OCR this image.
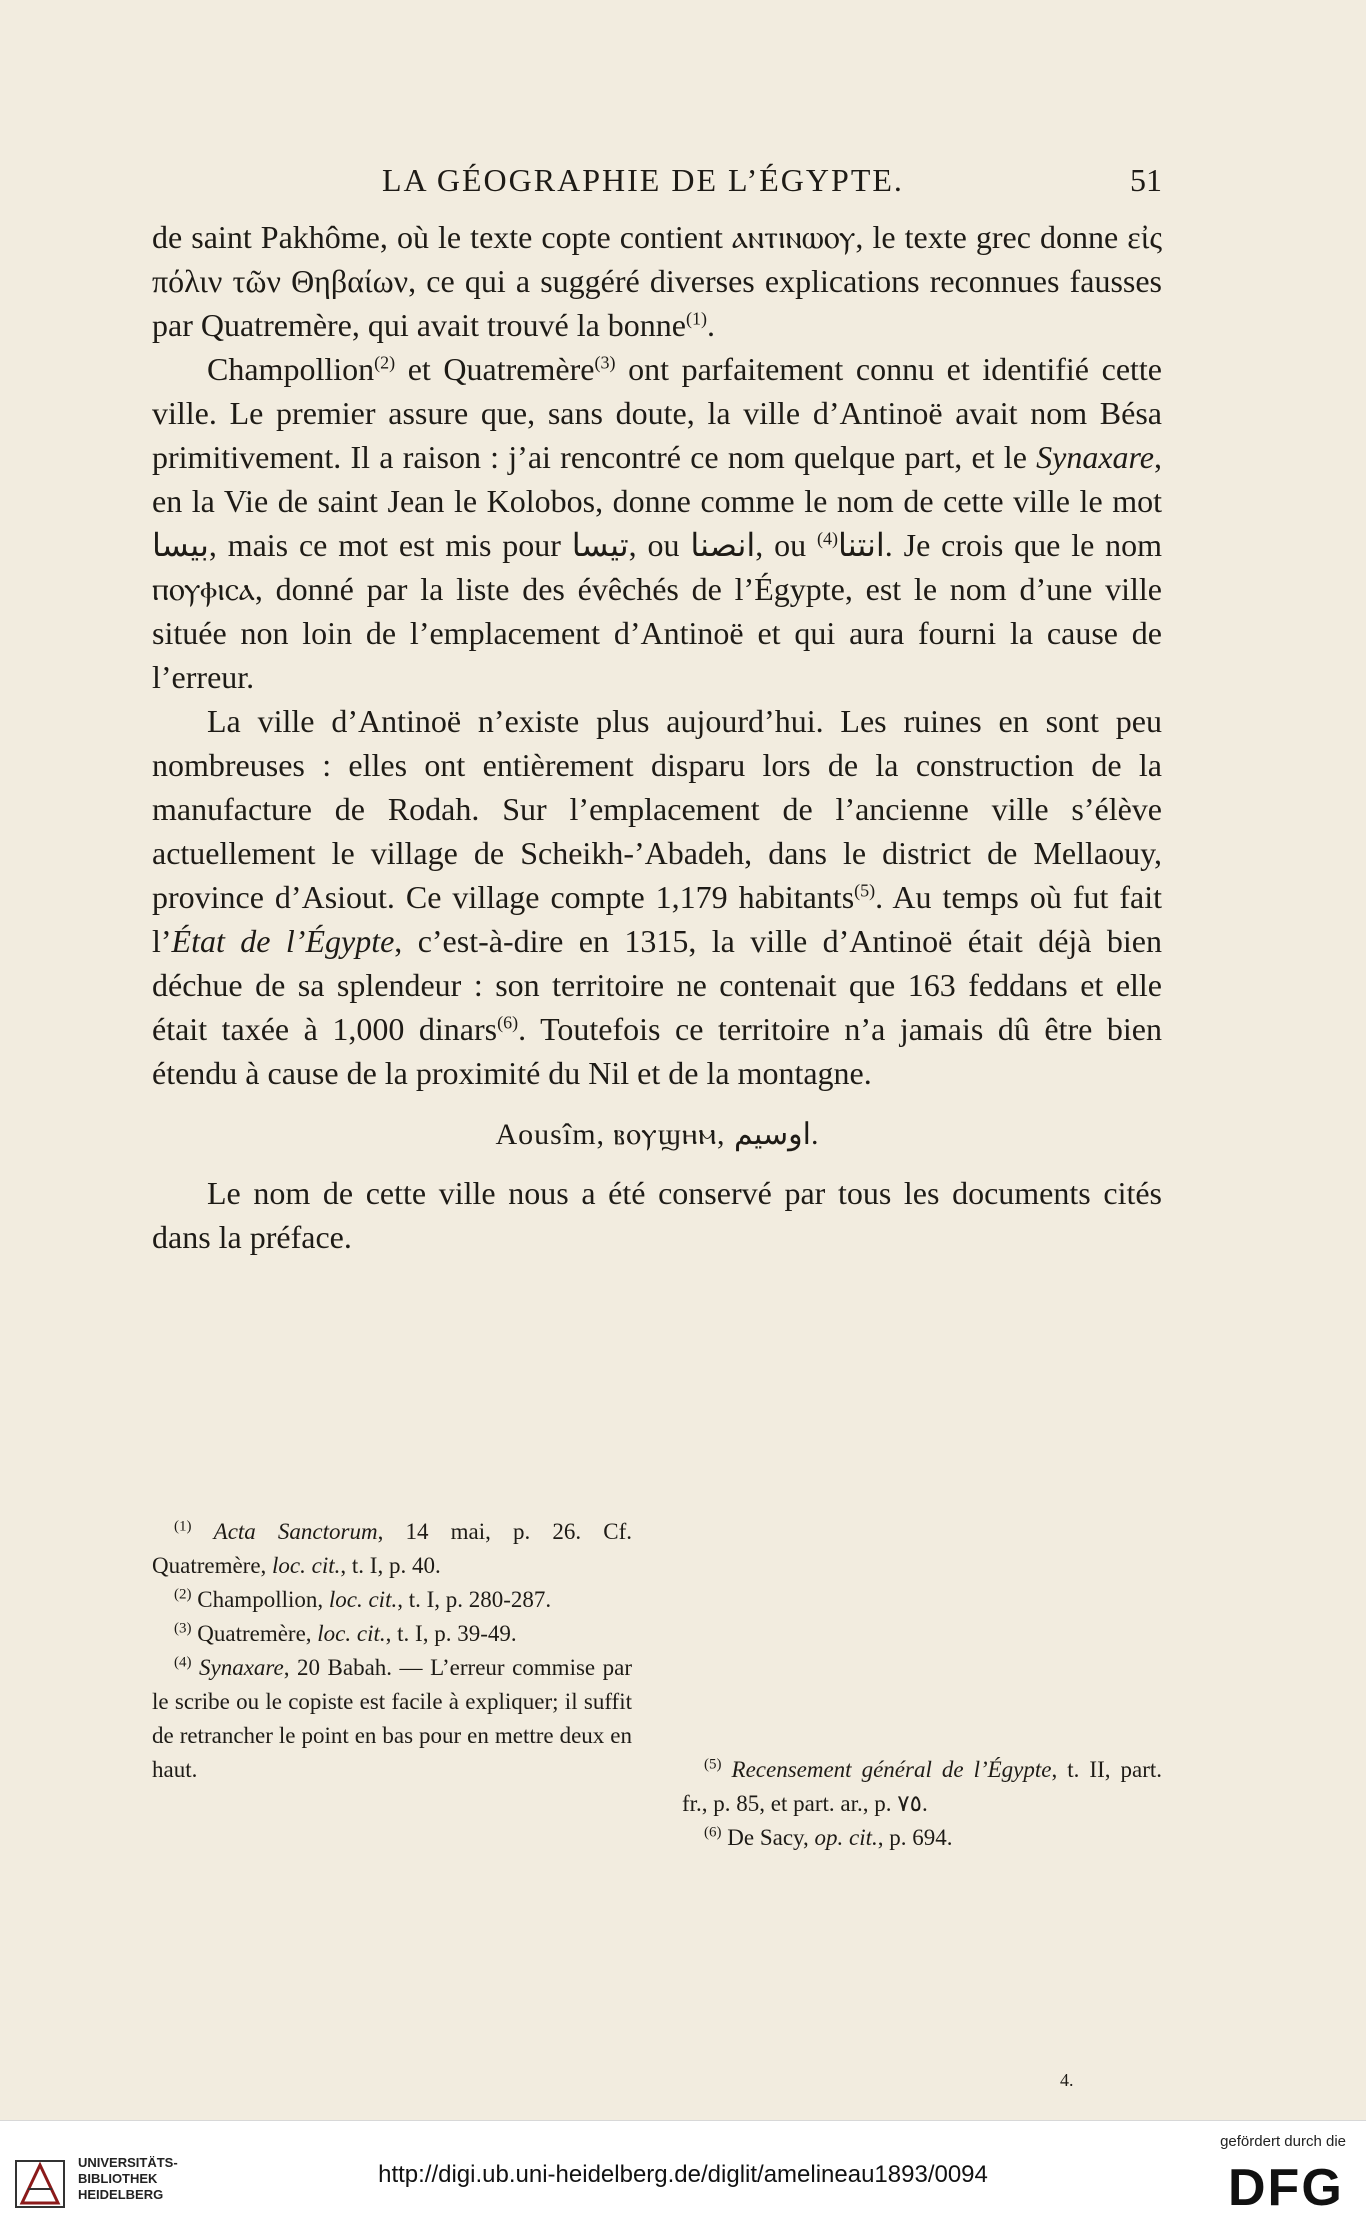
LA GÉOGRAPHIE DE L’ÉGYPTE.	51

de saint Pakhôme, où le texte copte contient ⲁⲛⲧⲓⲛⲱⲟⲩ, le texte grec donne εἰς πόλιν τῶν Θηβαίων, ce qui a suggéré diverses explications reconnues fausses par Quatremère, qui avait trouvé la bonne$^{(1)}$.

Champollion$^{(2)}$ et Quatremère$^{(3)}$ ont parfaitement connu et identifié cette ville. Le premier assure que, sans doute, la ville d’Antinoë avait nom Bésa primitivement. Il a raison : j’ai rencontré ce nom quelque part, et le Synaxare, en la Vie de saint Jean le Kolobos, donne comme le nom de cette ville le mot بيسا, mais ce mot est mis pour تيسا, ou انصنا, ou انتنا$^{(4)}$ . Je crois que le nom ⲡⲟⲩⲫⲓⲥⲁ, donné par la liste des évêchés de l’Égypte, est le nom d’une ville située non loin de l’emplacement d’Antinoë et qui aura fourni la cause de l’erreur.

La ville d’Antinoë n’existe plus aujourd’hui. Les ruines en sont peu nombreuses : elles ont entièrement disparu lors de la construction de la manufacture de Rodah. Sur l’emplacement de l’ancienne ville s’élève actuellement le village de Scheikh-’Abadeh, dans le district de Mellaouy, province d’Asiout. Ce village compte 1,179 habitants$^{(5)}$. Au temps où fut fait l’État de l’Égypte, c’est-à-dire en 1315, la ville d’Antinoë était déjà bien déchue de sa splendeur : son territoire ne contenait que 163 feddans et elle était taxée à 1,000 dinars$^{(6)}$. Toutefois ce territoire n’a jamais dû être bien étendu à cause de la proximité du Nil et de la montagne.

Aousîm, ⲃⲟⲩϣⲏⲙ, اوسيم.

Le nom de cette ville nous a été conservé par tous les documents cités dans la préface.

$^{(1)}$ Acta Sanctorum, 14 mai, p. 26. Cf. Quatremère, loc. cit., t. I, p. 40.

$^{(2)}$ Champollion, loc. cit., t. I, p. 280-287.

$^{(3)}$ Quatremère, loc. cit., t. I, p. 39-49.

$^{(4)}$ Synaxare, 20 Babah. — L’erreur commise par le scribe ou le copiste est facile à expliquer; il suffit de retrancher le point en bas pour en mettre deux en haut.	$^{(5)}$ Recensement général de l’Égypte, t. II, part. fr., p. 85, et part. ar., p. ٧٥.

$^{(6)}$ De Sacy, op. cit., p. 694.

4.
UNIVERSITÄTS-
BIBLIOTHEK
HEIDELBERG
http://digi.ub.uni-heidelberg.de/diglit/amelineau1893/0094
gefördert durch die
DFG
